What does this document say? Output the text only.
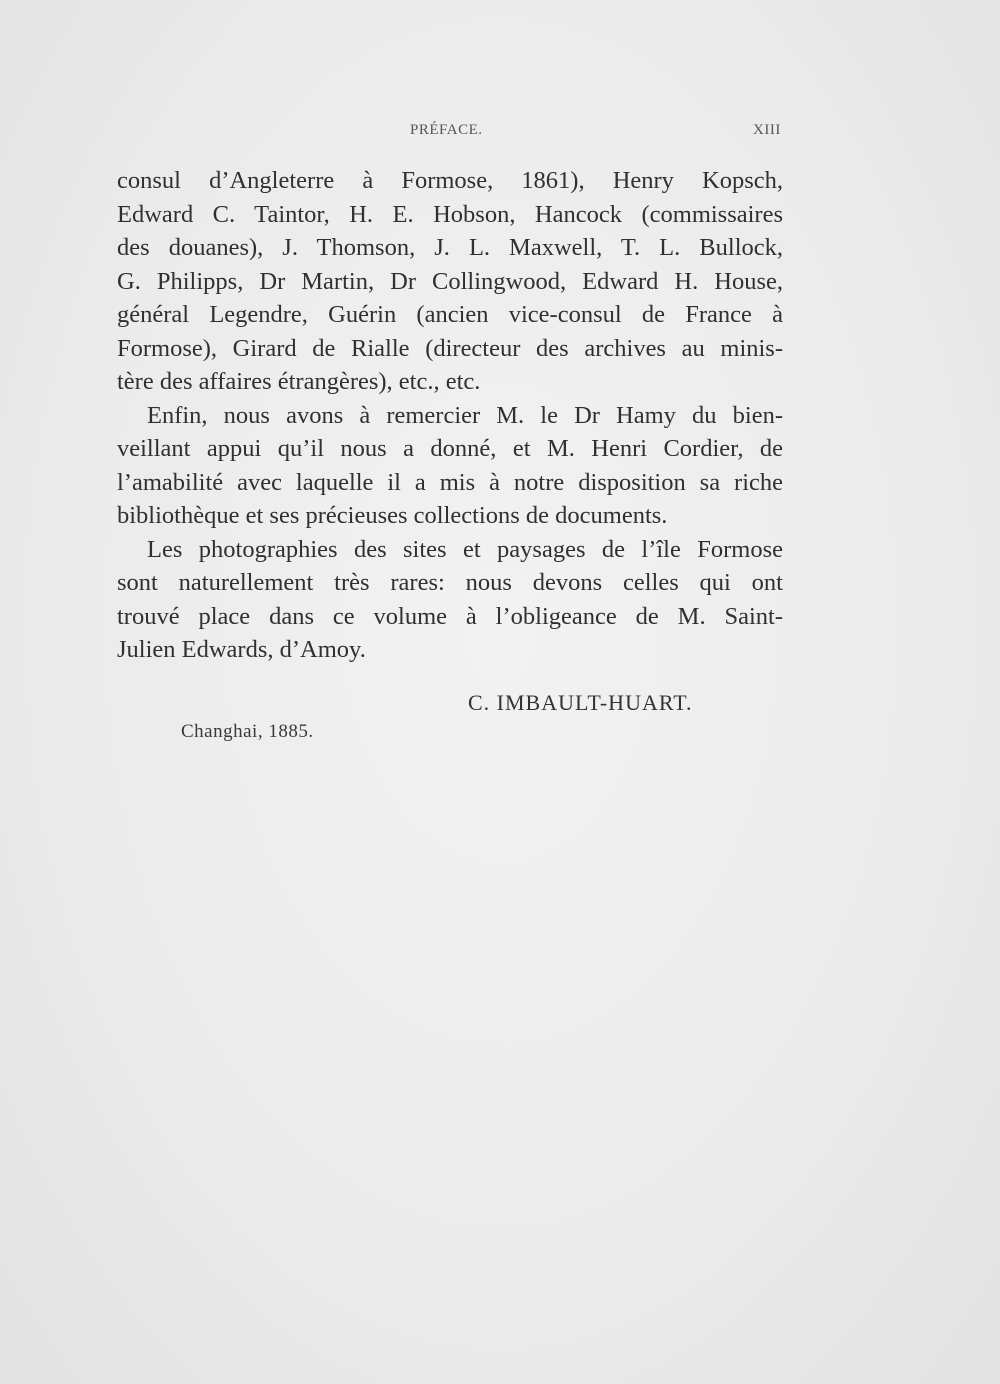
PRÉFACE.	XIII
consul d’Angleterre à Formose, 1861), Henry Kopsch,
Edward C. Taintor, H. E. Hobson, Hancock (commissaires
des douanes), J. Thomson, J. L. Maxwell, T. L. Bullock,
G. Philipps, Dr Martin, Dr Collingwood, Edward H. House,
général Legendre, Guérin (ancien vice-consul de France à
Formose), Girard de Rialle (directeur des archives au minis-
tère des affaires étrangères), etc., etc.
Enfin, nous avons à remercier M. le Dr Hamy du bien-
veillant appui qu’il nous a donné, et M. Henri Cordier, de
l’amabilité avec laquelle il a mis à notre disposition sa riche
bibliothèque et ses précieuses collections de documents.
Les photographies des sites et paysages de l’île Formose
sont naturellement très rares: nous devons celles qui ont
trouvé place dans ce volume à l’obligeance de M. Saint-
Julien Edwards, d’Amoy.
C. IMBAULT-HUART.
Changhai, 1885.
